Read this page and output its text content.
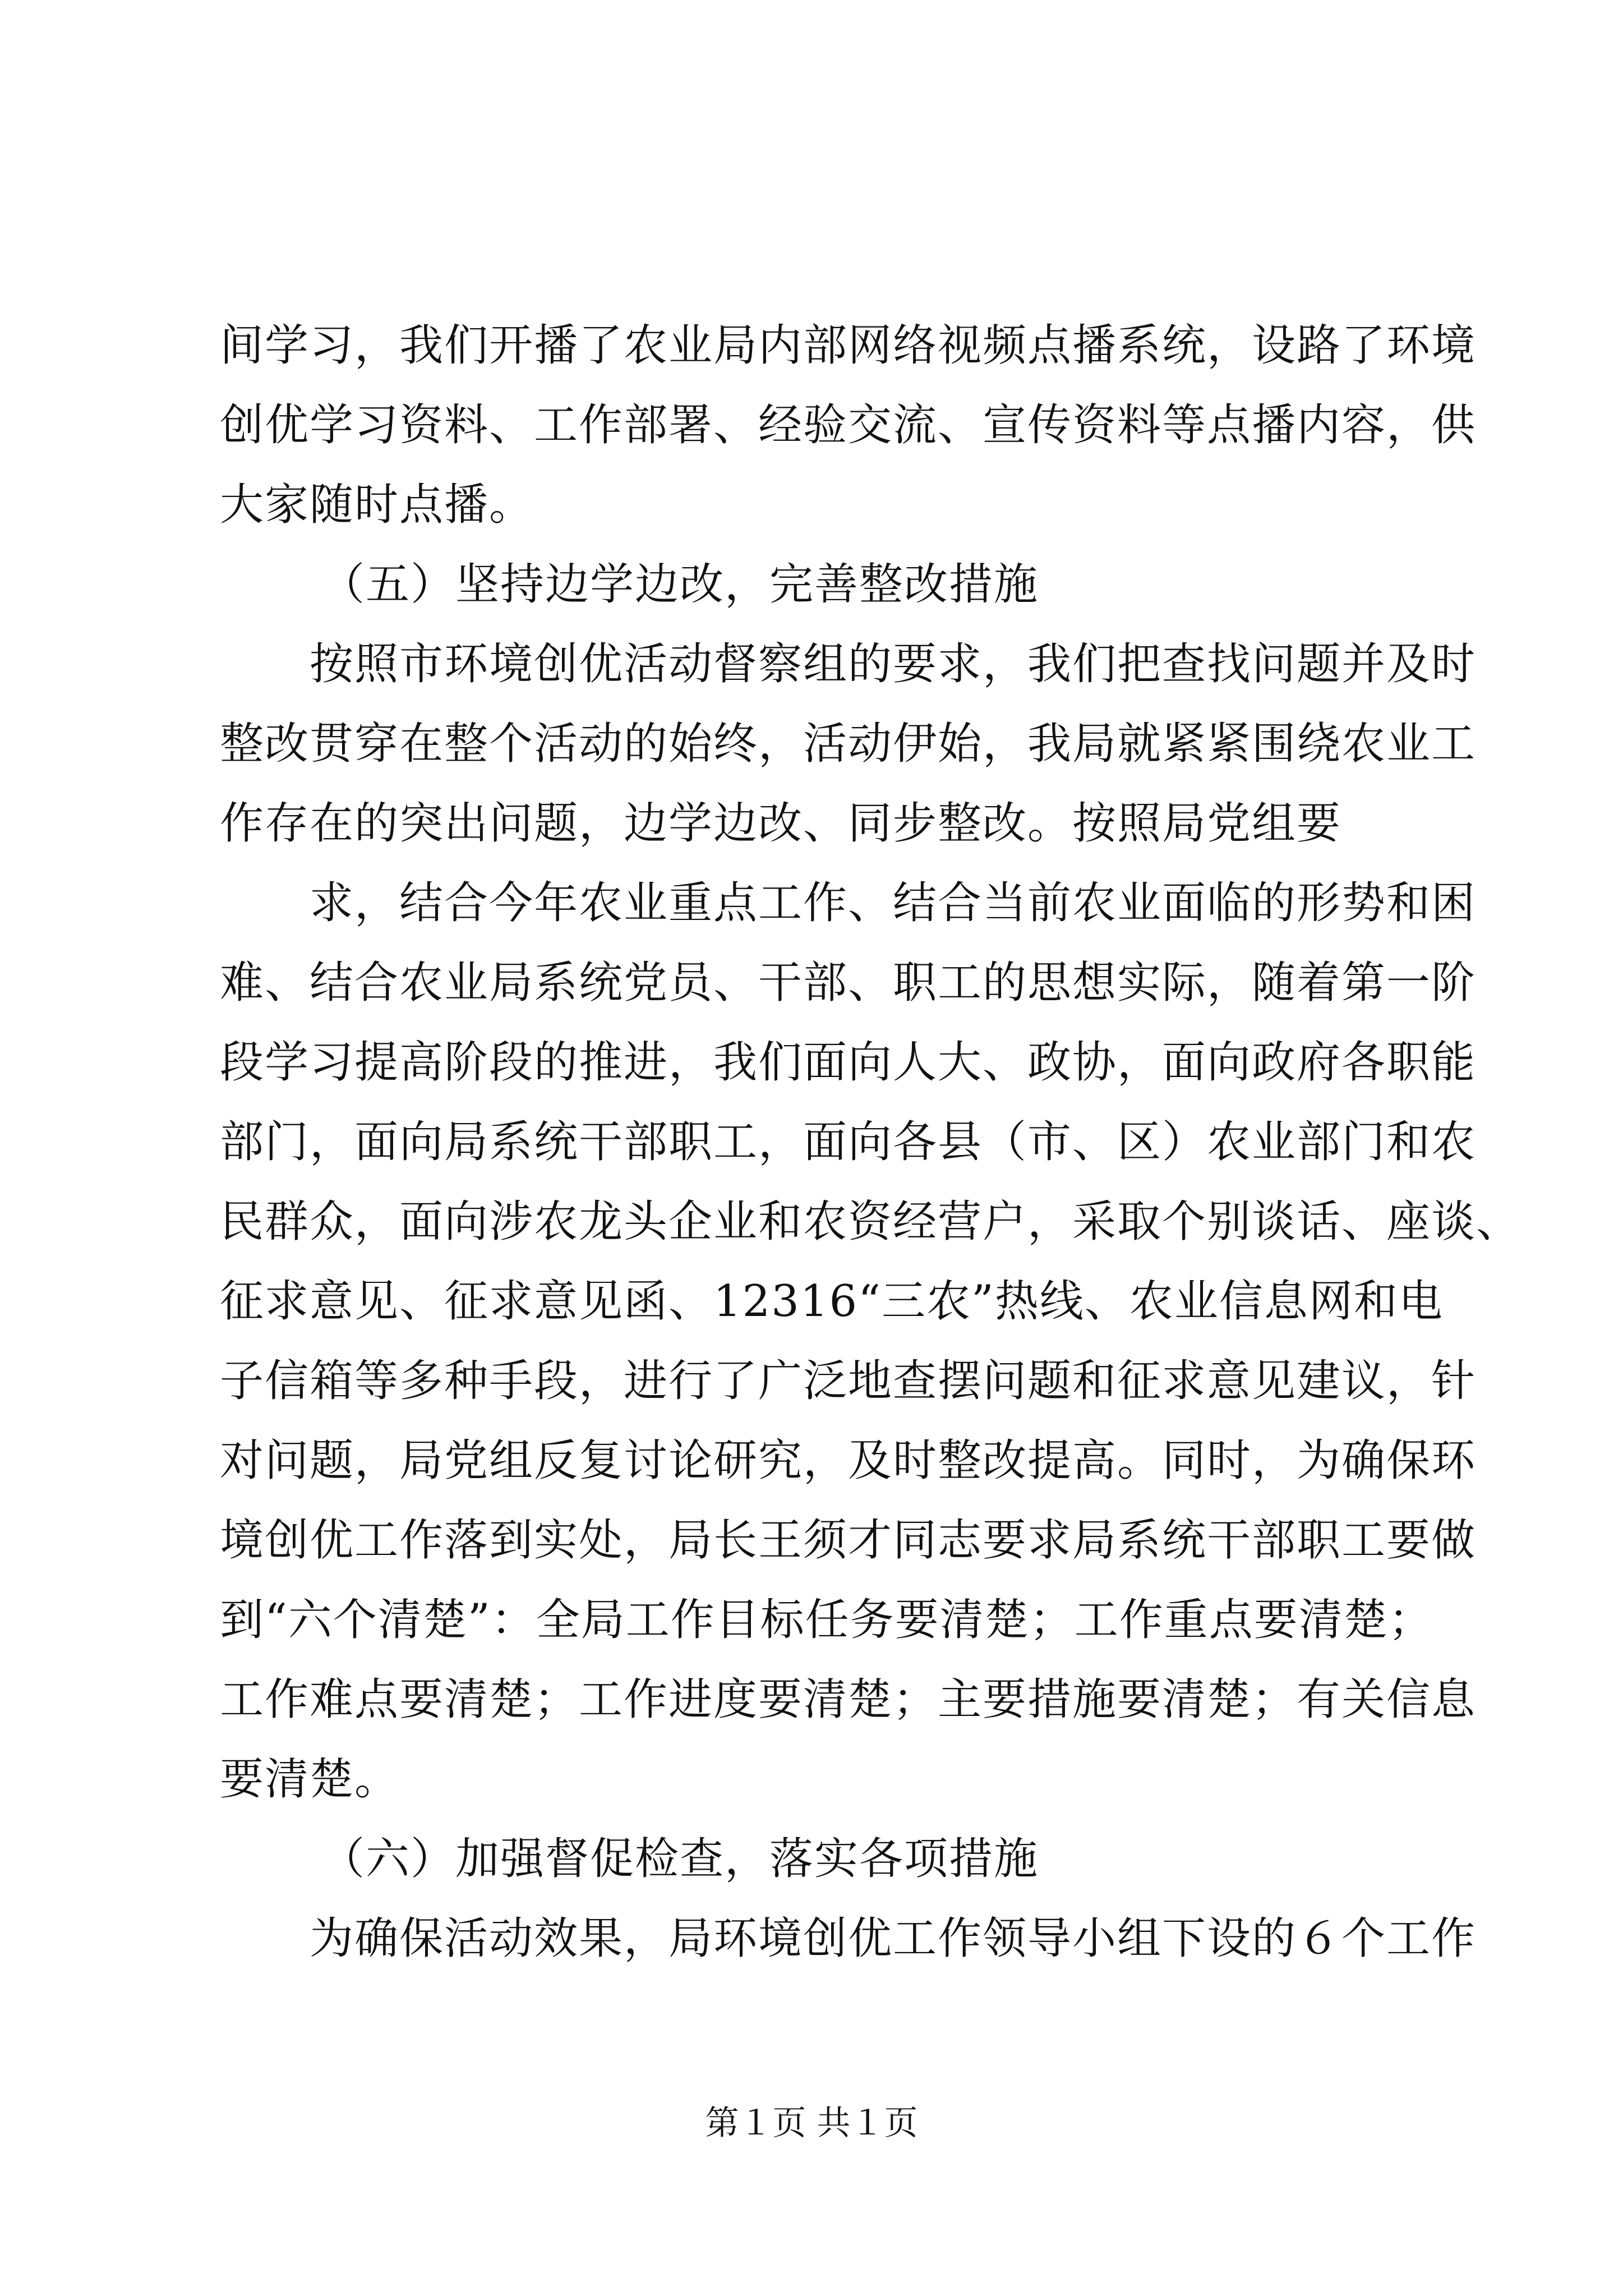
间学习，我们开播了农业局内部网络视频点播系统，设路了环境
创优学习资料、工作部署、经验交流、宣传资料等点播内容，供
大家随时点播。
（五）坚持边学边改，完善整改措施
按照市环境创优活动督察组的要求，我们把查找问题并及时
整改贯穿在整个活动的始终，活动伊始，我局就紧紧围绕农业工
作存在的突出问题，边学边改、同步整改。按照局党组要
求，结合今年农业重点工作、结合当前农业面临的形势和困
难、结合农业局系统党员、干部、职工的思想实际，随着第一阶
段学习提高阶段的推进，我们面向人大、政协，面向政府各职能
部门，面向局系统干部职工，面向各县（市、区）农业部门和农
民群众，面向涉农龙头企业和农资经营户，采取个别谈话、座谈、
征求意见、征求意见函、12316“三农”热线、农业信息网和电
子信箱等多种手段，进行了广泛地查摆问题和征求意见建议，针
对问题，局党组反复讨论研究，及时整改提高。同时，为确保环
境创优工作落到实处，局长王须才同志要求局系统干部职工要做
到“六个清楚”：全局工作目标任务要清楚；工作重点要清楚；
工作难点要清楚；工作进度要清楚；主要措施要清楚；有关信息
要清楚。
（六）加强督促检查，落实各项措施
为确保活动效果，局环境创优工作领导小组下设的６个工作
第１页 共１页
